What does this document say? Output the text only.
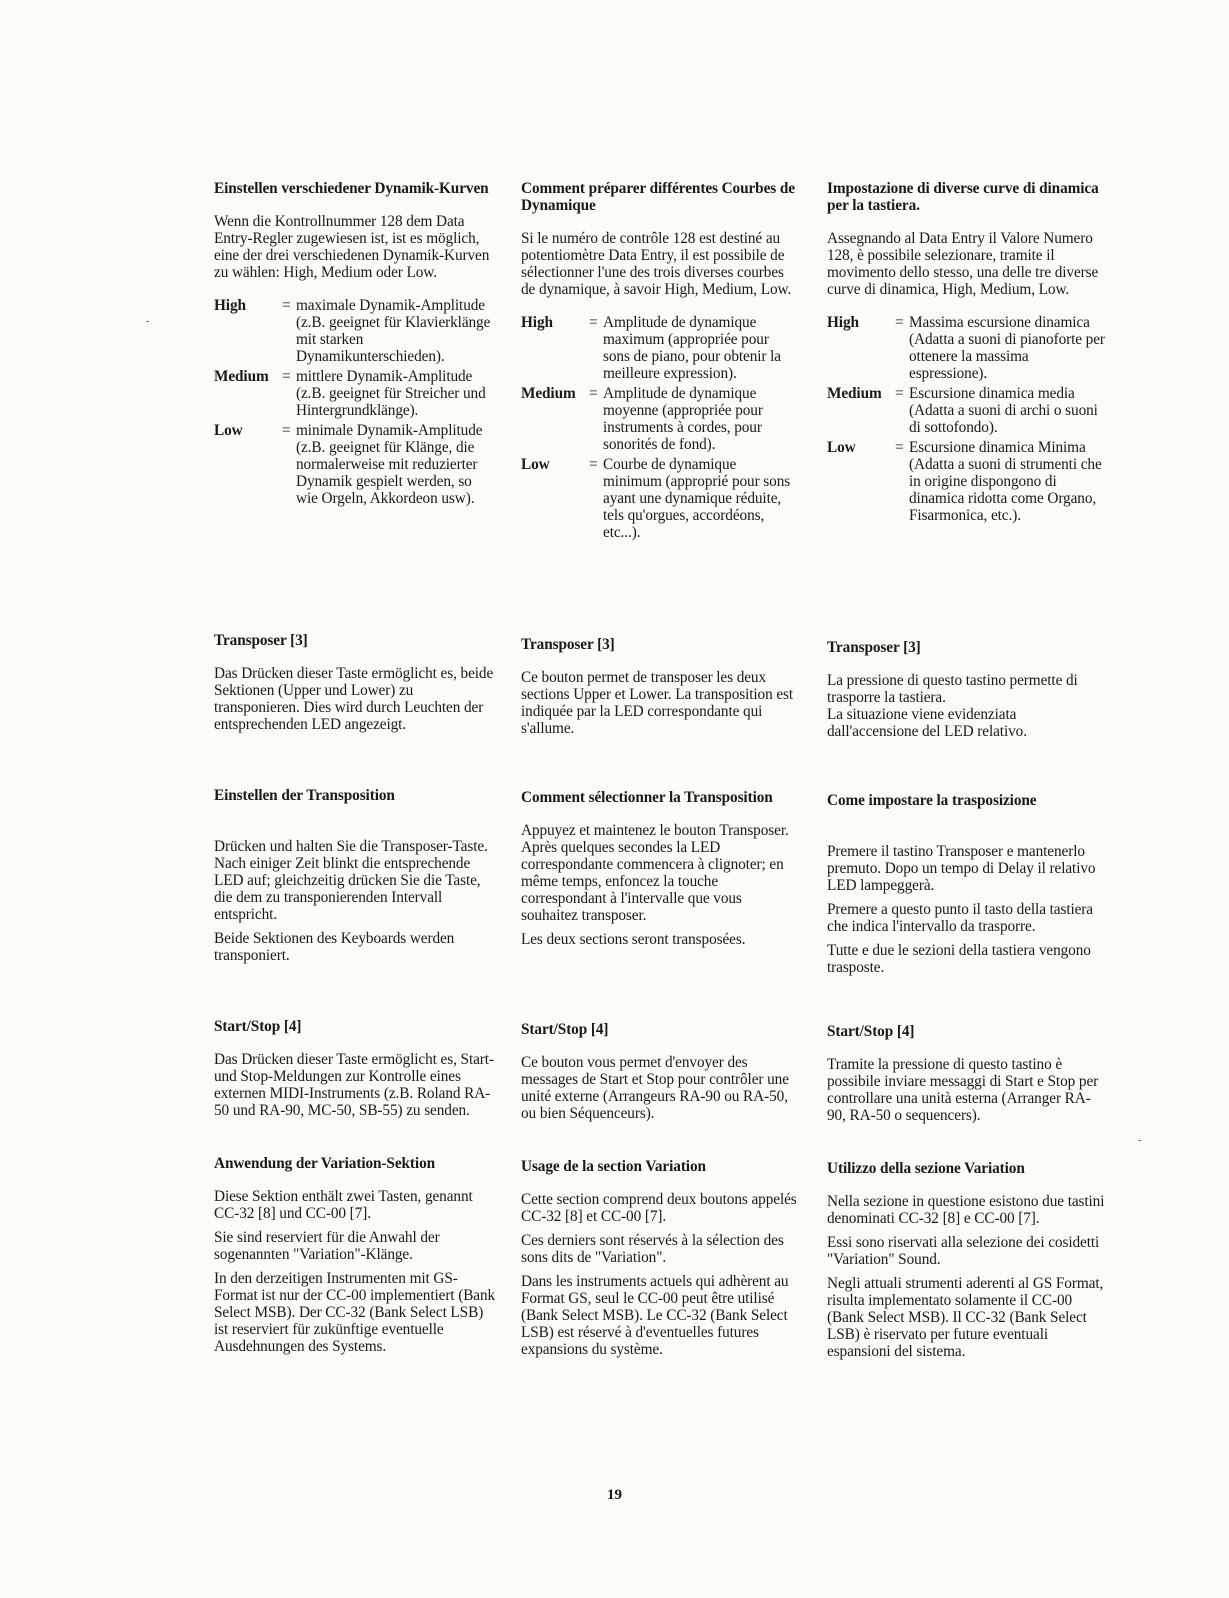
Einstellen verschiedener Dynamik-Kurven

Wenn die Kontrollnummer 128 dem Data Entry-Regler zugewiesen ist, ist es möglich, eine der drei verschiedenen Dynamik-Kurven zu wählen: High, Medium oder Low.

High	= maximale Dynamik-Amplitude (z.B. geeignet für Klavierklänge mit starken Dynamikunterschieden).
Medium = mittlere Dynamik-Amplitude (z.B. geeignet für Streicher und Hintergrundklänge).
Low	= minimale Dynamik-Amplitude (z.B. geeignet für Klänge, die normalerweise mit reduzierter Dynamik gespielt werden, so wie Orgeln, Akkordeon usw).
Transposer [3]

Das Drücken dieser Taste ermöglicht es, beide Sektionen (Upper und Lower) zu transponieren. Dies wird durch Leuchten der entsprechenden LED angezeigt.

Einstellen der Transposition

Drücken und halten Sie die Transposer-Taste. Nach einiger Zeit blinkt die entsprechende LED auf; gleichzeitig drücken Sie die Taste, die dem zu transponierenden Intervall entspricht.

Beide Sektionen des Keyboards werden transponiert.

Start/Stop [4]

Das Drücken dieser Taste ermöglicht es, Start- und Stop-Meldungen zur Kontrolle eines externen MIDI-Instruments (z.B. Roland RA-50 und RA-90, MC-50, SB-55) zu senden.

Anwendung der Variation-Sektion

Diese Sektion enthält zwei Tasten, genannt CC-32 [8] und CC-00 [7].

Sie sind reserviert für die Anwahl der sogenannten "Variation"-Klänge.

In den derzeitigen Instrumenten mit GS-Format ist nur der CC-00 implementiert (Bank Select MSB). Der CC-32 (Bank Select LSB) ist reserviert für zukünftige eventuelle Ausdehnungen des Systems.

Comment préparer différentes Courbes de Dynamique

Si le numéro de contrôle 128 est destiné au potentiomètre Data Entry, il est possibile de sélectionner l'une des trois diverses courbes de dynamique, à savoir High, Medium, Low.

High	= Amplitude de dynamique maximum (appropriée pour sons de piano, pour obtenir la meilleure expression).
Medium = Amplitude de dynamique moyenne (appropriée pour instruments à cordes, pour sonorités de fond).
Low	= Courbe de dynamique minimum (approprié pour sons ayant une dynamique réduite, tels qu'orgues, accordéons, etc...).
Transposer [3]

Ce bouton permet de transposer les deux sections Upper et Lower. La transposition est indiquée par la LED correspondante qui s'allume.

Comment sélectionner la Transposition

Appuyez et maintenez le bouton Transposer. Après quelques secondes la LED correspondante commencera à clignoter; en même temps, enfoncez la touche correspondant à l'intervalle que vous souhaitez transposer.

Les deux sections seront transposées.

Start/Stop [4]

Ce bouton vous permet d'envoyer des messages de Start et Stop pour contrôler une unité externe (Arrangeurs RA-90 ou RA-50, ou bien Séquenceurs).

Usage de la section Variation

Cette section comprend deux boutons appelés CC-32 [8] et CC-00 [7].

Ces derniers sont réservés à la sélection des sons dits de "Variation".

Dans les instruments actuels qui adhèrent au Format GS, seul le CC-00 peut être utilisé (Bank Select MSB). Le CC-32 (Bank Select LSB) est réservé à d'eventuelles futures expansions du système.

Impostazione di diverse curve di dinamica per la tastiera.

Assegnando al Data Entry il Valore Numero 128, è possibile selezionare, tramite il movimento dello stesso, una delle tre diverse curve di dinamica, High, Medium, Low.

High	= Massima escursione dinamica (Adatta a suoni di pianoforte per ottenere la massima espressione).
Medium = Escursione dinamica media (Adatta a suoni di archi o suoni di sottofondo).
Low	= Escursione dinamica Minima (Adatta a suoni di strumenti che in origine dispongono di dinamica ridotta come Organo, Fisarmonica, etc.).
Transposer [3]

La pressione di questo tastino permette di trasporre la tastiera.

La situazione viene evidenziata dall'accensione del LED relativo.

Come impostare la trasposizione

Premere il tastino Transposer e mantenerlo premuto. Dopo un tempo di Delay il relativo LED lampeggerà.

Premere a questo punto il tasto della tastiera che indica l'intervallo da trasporre.

Tutte e due le sezioni della tastiera vengono trasposte.

Start/Stop [4]

Tramite la pressione di questo tastino è possibile inviare messaggi di Start e Stop per controllare una unità esterna (Arranger RA-90, RA-50 o sequencers).

Utilizzo della sezione Variation

Nella sezione in questione esistono due tastini denominati CC-32 [8] e CC-00 [7].

Essi sono riservati alla selezione dei cosidetti "Variation" Sound.

Negli attuali strumenti aderenti al GS Format, risulta implementato solamente il CC-00 (Bank Select MSB). Il CC-32 (Bank Select LSB) è riservato per future eventuali espansioni del sistema.

19
